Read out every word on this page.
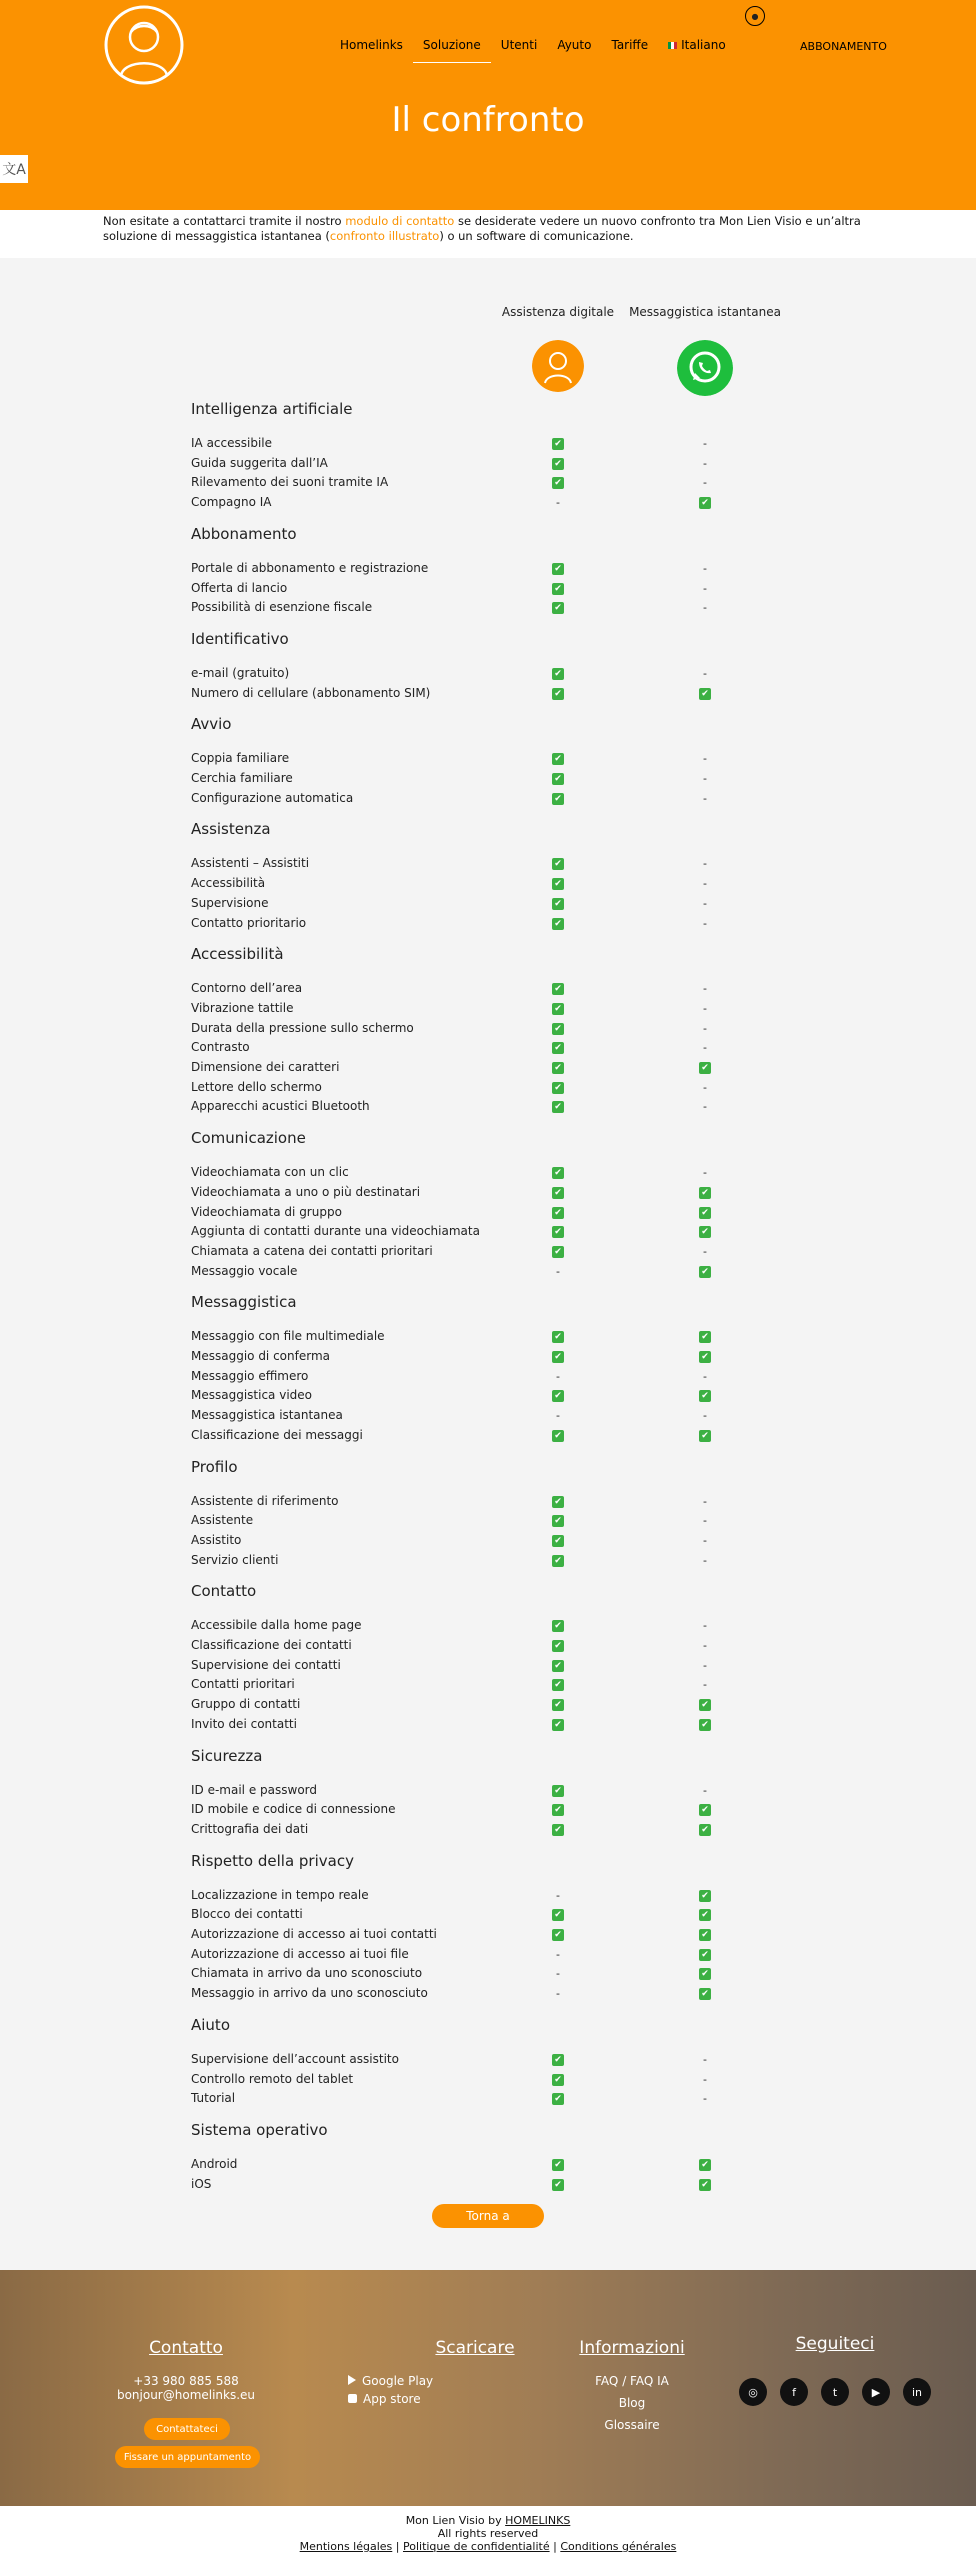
Homelinks	Soluzione	Utenti	Ayuto	Tariffe	Italiano
●
ABBONAMENTO
Il confronto
文A
Non esitate a contattarci tramite il nostro modulo di contatto se desiderate vedere un nuovo confronto tra Mon Lien Visio e un’altra soluzione di messaggistica istantanea (confronto illustrato) o un software di comunicazione.
Assistenza digitale Messaggistica istantanea
Intelligenza artificiale
IA accessibile	✔	-
Guida suggerita dall’IA	✔	-
Rilevamento dei suoni tramite IA	✔	-
Compagno IA	-	✔
Abbonamento
Portale di abbonamento e registrazione	✔	-
Offerta di lancio	✔	-
Possibilità di esenzione fiscale	✔	-
Identificativo
e-mail (gratuito)	✔	-
Numero di cellulare (abbonamento SIM)	✔	✔
Avvio
Coppia familiare	✔	-
Cerchia familiare	✔	-
Configurazione automatica	✔	-
Assistenza
Assistenti – Assistiti	✔	-
Accessibilità	✔	-
Supervisione	✔	-
Contatto prioritario	✔	-
Accessibilità
Contorno dell’area	✔	-
Vibrazione tattile	✔	-
Durata della pressione sullo schermo	✔	-
Contrasto	✔	-
Dimensione dei caratteri	✔	✔
Lettore dello schermo	✔	-
Apparecchi acustici Bluetooth	✔	-
Comunicazione
Videochiamata con un clic	✔	-
Videochiamata a uno o più destinatari	✔	✔
Videochiamata di gruppo	✔	✔
Aggiunta di contatti durante una videochiamata	✔	✔
Chiamata a catena dei contatti prioritari	✔	-
Messaggio vocale	-	✔
Messaggistica
Messaggio con file multimediale	✔	✔
Messaggio di conferma	✔	✔
Messaggio effimero	-	-
Messaggistica video	✔	✔
Messaggistica istantanea	-	-
Classificazione dei messaggi	✔	✔
Profilo
Assistente di riferimento	✔	-
Assistente	✔	-
Assistito	✔	-
Servizio clienti	✔	-
Contatto
Accessibile dalla home page	✔	-
Classificazione dei contatti	✔	-
Supervisione dei contatti	✔	-
Contatti prioritari	✔	-
Gruppo di contatti	✔	✔
Invito dei contatti	✔	✔
Sicurezza
ID e-mail e password	✔	-
ID mobile e codice di connessione	✔	✔
Crittografia dei dati	✔	✔
Rispetto della privacy
Localizzazione in tempo reale	-	✔
Blocco dei contatti	✔	✔
Autorizzazione di accesso ai tuoi contatti	✔	✔
Autorizzazione di accesso ai tuoi file	-	✔
Chiamata in arrivo da uno sconosciuto	-	✔
Messaggio in arrivo da uno sconosciuto	-	✔
Aiuto
Supervisione dell’account assistito	✔	-
Controllo remoto del tablet	✔	-
Tutorial	✔	-
Sistema operativo
Android	✔	✔
iOS	✔	✔
Torna a
Contatto
+33 980 885 588
bonjour@homelinks.eu
Contattateci
Fissare un appuntamento
Scaricare
Google Play
App store
Informazioni
FAQ / FAQ IA
Blog
Glossaire
Seguiteci
◎	f	t	▶	in
Mon Lien Visio by HOMELINKS
All rights reserved
Mentions légales | Politique de confidentialité | Conditions générales
